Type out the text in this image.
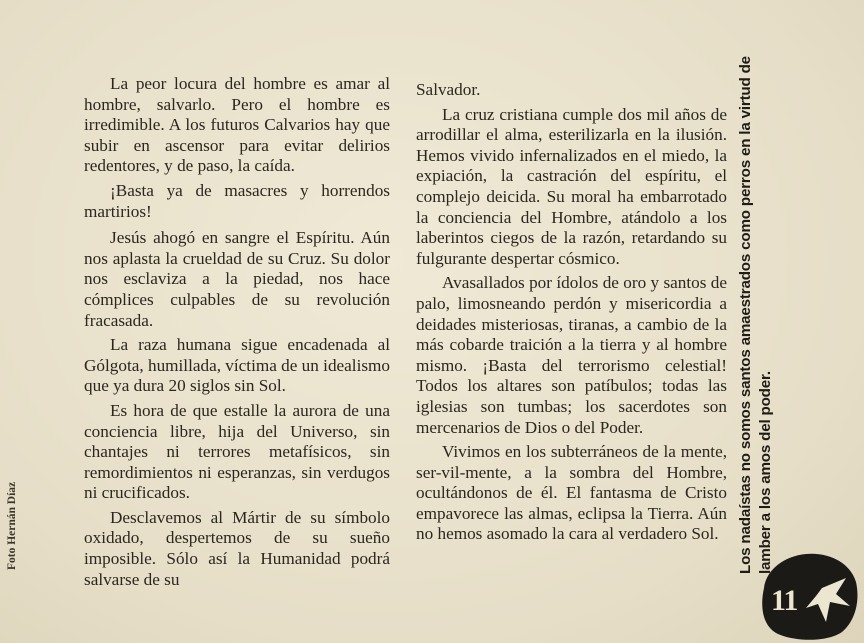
La peor locura del hombre es amar al hombre, salvarlo. Pero el hombre es irredimible. A los futuros Calvarios hay que subir en ascensor para evitar delirios redentores, y de paso, la caída.

¡Basta ya de masacres y horrendos martirios!

Jesús ahogó en sangre el Espíritu. Aún nos aplasta la crueldad de su Cruz. Su dolor nos esclaviza a la piedad, nos hace cómplices culpables de su revolución fracasada.

La raza humana sigue encadenada al Gólgota, humillada, víctima de un idealismo que ya dura 20 siglos sin Sol.

Es hora de que estalle la aurora de una conciencia libre, hija del Universo, sin chantajes ni terrores metafísicos, sin remordimientos ni esperanzas, sin verdugos ni crucificados.

Desclavemos al Mártir de su símbolo oxidado, despertemos de su sueño imposible. Sólo así la Humanidad podrá salvarse de su

Salvador.

La cruz cristiana cumple dos mil años de arrodillar el alma, esterilizarla en la ilusión. Hemos vivido infernalizados en el miedo, la expiación, la castración del espíritu, el complejo deicida. Su moral ha embarrotado la conciencia del Hombre, atándolo a los laberintos ciegos de la razón, retardando su fulgurante despertar cósmico.

Avasallados por ídolos de oro y santos de palo, limosneando perdón y misericordia a deidades misteriosas, tiranas, a cambio de la más cobarde traición a la tierra y al hombre mismo. ¡Basta del terrorismo celestial! Todos los altares son patíbulos; todas las iglesias son tumbas; los sacerdotes son mercenarios de Dios o del Poder.

Vivimos en los subterráneos de la mente, ser-vil-mente, a la sombra del Hombre, ocultándonos de él. El fantasma de Cristo empavorece las almas, eclipsa la Tierra. Aún no hemos asomado la cara al verdadero Sol.	Los nadaístas no somos santos amaestrados como perros en la virtud de lamber a los amos del poder.
Foto Hernán Díaz
11
